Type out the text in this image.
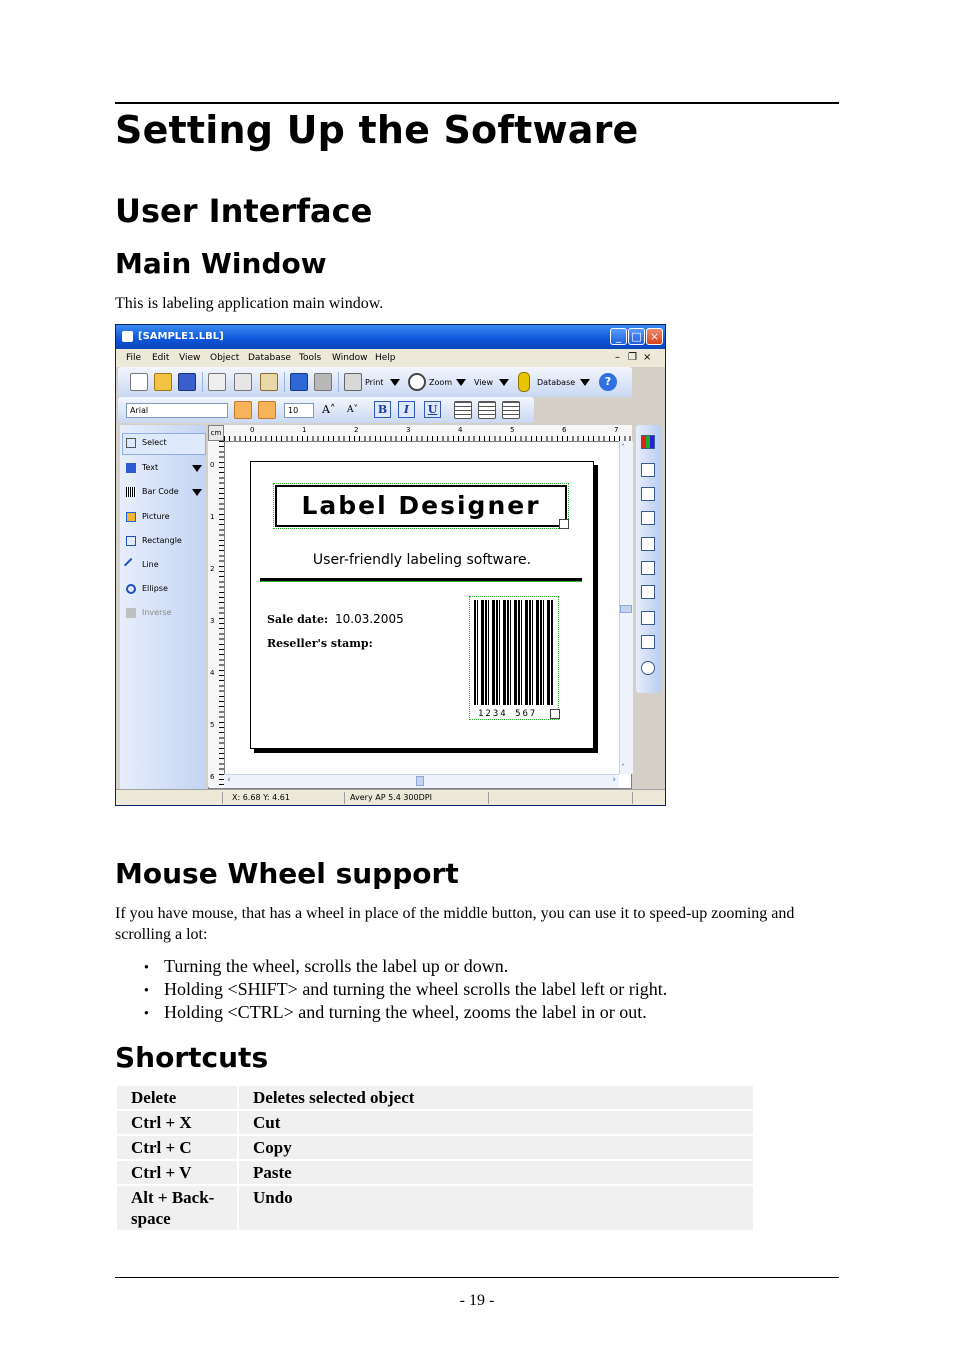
Setting Up the Software
User Interface
Main Window

This is labeling application main window.

[SAMPLE1.LBL]	_ □ ×
File Edit View Object Database Tools Window Help	– ❐ ×
Print	Zoom	View	Database	?
Arial	10	A˄ A˅	B	I	U
Select
Text
Bar Code
Picture
Rectangle
Line
Ellipse
Inverse
cm	0	1	2	3	4	5	6	7
0
1
2
3
4
5
6
Label Designer
User-friendly labeling software.
Sale date: 10.03.2005
Reseller's stamp:
1234 567
˄
˅
‹	›
X: 6.68 Y: 4.61	Avery AP 5.4 300DPI
Mouse Wheel support

If you have mouse, that has a wheel in place of the middle button, you can use it to speed-up zooming and scrolling a lot:

● Turning the wheel, scrolls the label up or down.
● Holding <SHIFT> and turning the wheel scrolls the label left or right.
● Holding <CTRL> and turning the wheel, zooms the label in or out.
Shortcuts
Delete	Deletes selected object
Ctrl + X	Cut
Ctrl + C	Copy
Ctrl + V	Paste
Alt + Back-space	Undo
- 19 -
